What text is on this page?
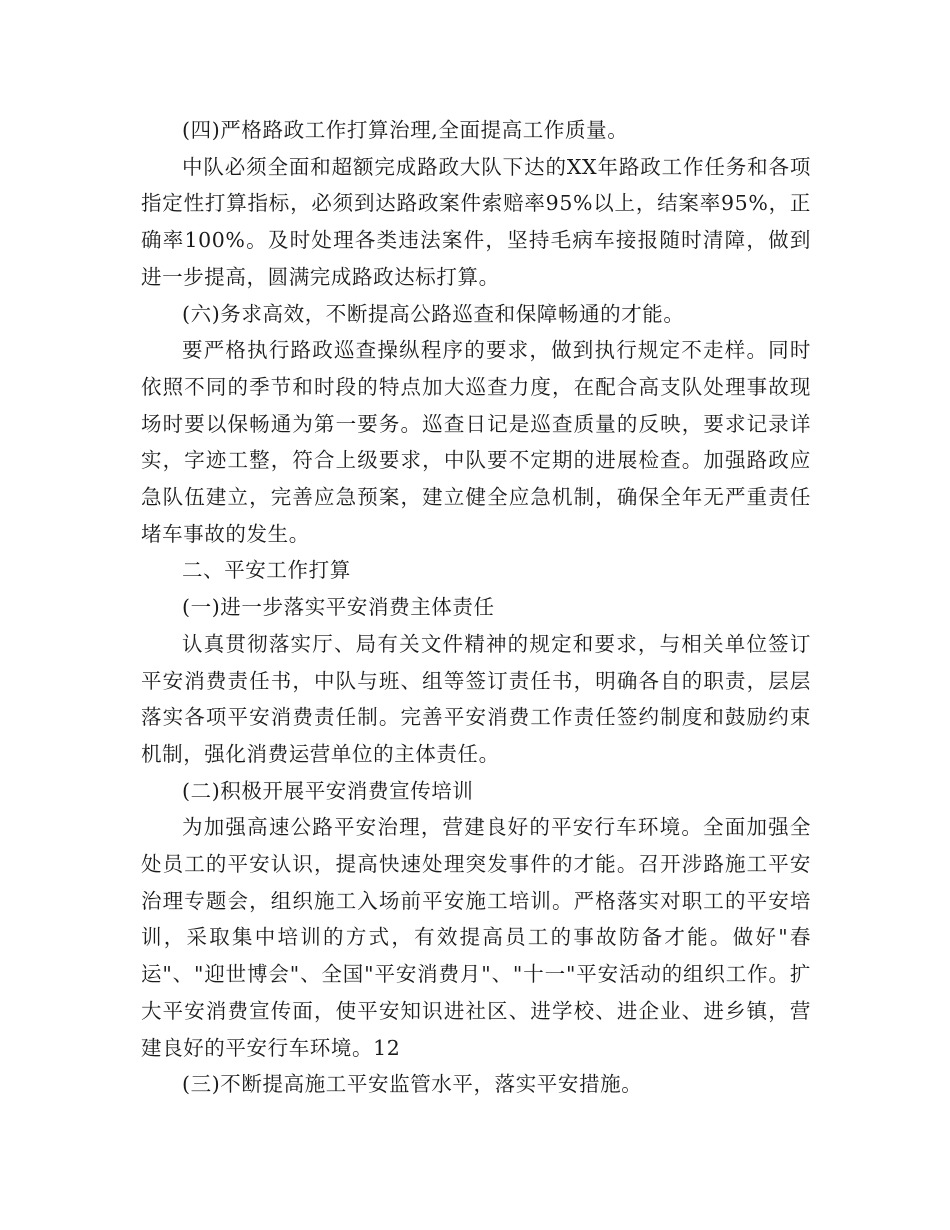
(四)严格路政工作打算治理,全面提高工作质量。

中队必须全面和超额完成路政大队下达的XX年路政工作任务和各项指定性打算指标，必须到达路政案件索赔率95%以上，结案率95%，正确率100%。及时处理各类违法案件，坚持毛病车接报随时清障，做到进一步提高，圆满完成路政达标打算。

(六)务求高效，不断提高公路巡查和保障畅通的才能。

要严格执行路政巡查操纵程序的要求，做到执行规定不走样。同时依照不同的季节和时段的特点加大巡查力度，在配合高支队处理事故现场时要以保畅通为第一要务。巡查日记是巡查质量的反映，要求记录详实，字迹工整，符合上级要求，中队要不定期的进展检查。加强路政应急队伍建立，完善应急预案，建立健全应急机制，确保全年无严重责任堵车事故的发生。

二、平安工作打算

(一)进一步落实平安消费主体责任

认真贯彻落实厅、局有关文件精神的规定和要求，与相关单位签订平安消费责任书，中队与班、组等签订责任书，明确各自的职责，层层落实各项平安消费责任制。完善平安消费工作责任签约制度和鼓励约束机制，强化消费运营单位的主体责任。

(二)积极开展平安消费宣传培训

为加强高速公路平安治理，营建良好的平安行车环境。全面加强全处员工的平安认识，提高快速处理突发事件的才能。召开涉路施工平安治理专题会，组织施工入场前平安施工培训。严格落实对职工的平安培训，采取集中培训的方式，有效提高员工的事故防备才能。做好"春运"、"迎世博会"、全国"平安消费月"、"十一"平安活动的组织工作。扩大平安消费宣传面，使平安知识进社区、进学校、进企业、进乡镇，营建良好的平安行车环境。12

(三)不断提高施工平安监管水平，落实平安措施。
